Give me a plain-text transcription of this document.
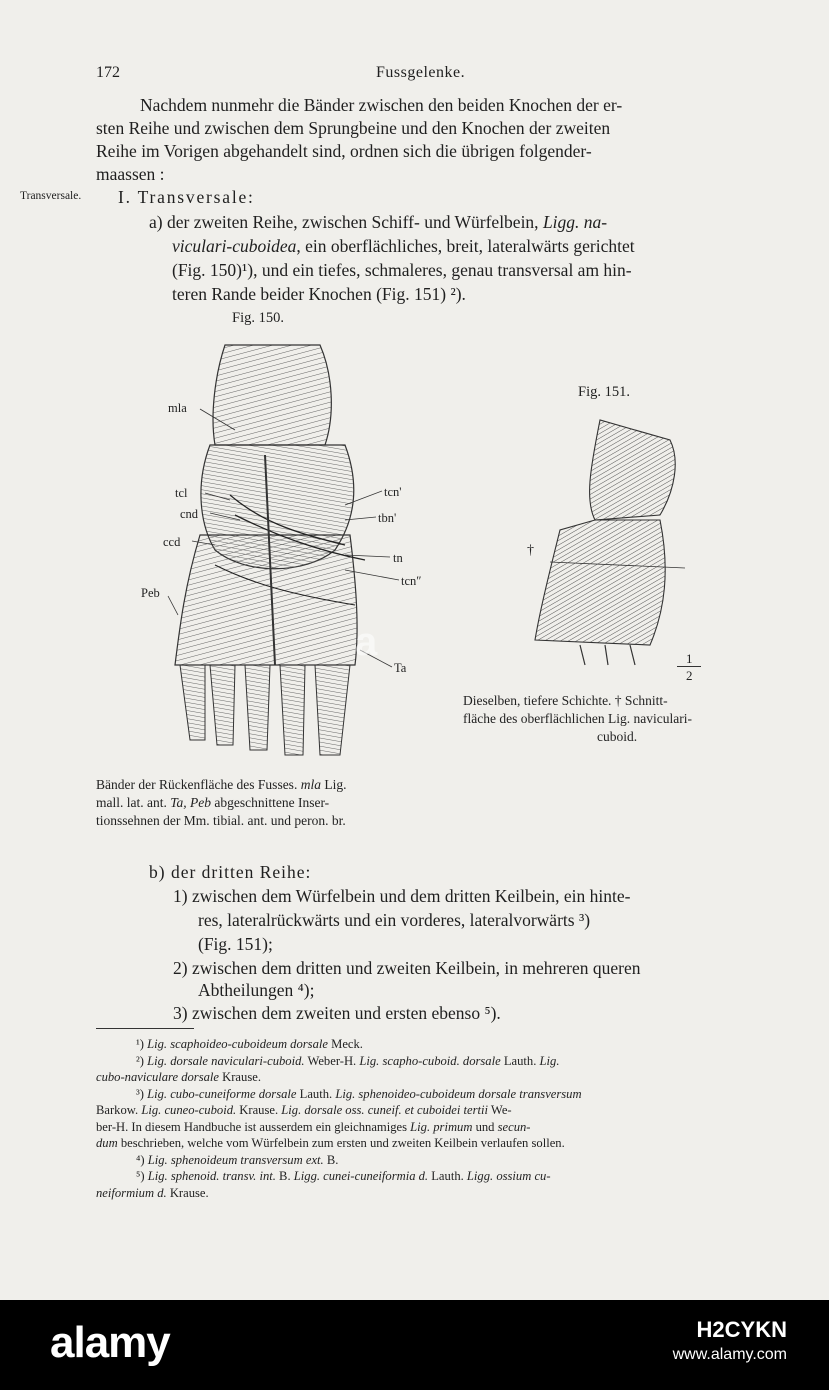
172	Fussgelenke.
Nachdem nunmehr die Bänder zwischen den beiden Knochen der er-
sten Reihe und zwischen dem Sprungbeine und den Knochen der zweiten
Reihe im Vorigen abgehandelt sind, ordnen sich die übrigen folgender-
maassen :
Transversale. I. Transversale:
a) der zweiten Reihe, zwischen Schiff- und Würfelbein, Ligg. na-
viculari-cuboidea, ein oberflächliches, breit, lateralwärts gerichtet
(Fig. 150)¹), und ein tiefes, schmaleres, genau transversal am hin-
teren Rande beider Knochen (Fig. 151) ²).
Fig. 150.
mla
tcl
cnd
ccd
Peb
tcn'
tbn'
tn
tcn″
Ta
Bänder der Rückenfläche des Fusses. mla Lig.
mall. lat. ant. Ta, Peb abgeschnittene Inser-
tionssehnen der Mm. tibial. ant. und peron. br.
Fig. 151.
†
1
2
Dieselben, tiefere Schichte. † Schnitt-
fläche des oberflächlichen Lig. naviculari-
cuboid.
b) der dritten Reihe:
1) zwischen dem Würfelbein und dem dritten Keilbein, ein hinte-
res, lateralrückwärts und ein vorderes, lateralvorwärts ³)
(Fig. 151);
2) zwischen dem dritten und zweiten Keilbein, in mehreren queren
Abtheilungen ⁴);
3) zwischen dem zweiten und ersten ebenso ⁵).
¹) Lig. scaphoideo-cuboideum dorsale Meck.
²) Lig. dorsale naviculari-cuboid. Weber-H. Lig. scapho-cuboid. dorsale Lauth. Lig.
cubo-naviculare dorsale Krause.
³) Lig. cubo-cuneiforme dorsale Lauth. Lig. sphenoideo-cuboideum dorsale transversum
Barkow. Lig. cuneo-cuboid. Krause. Lig. dorsale oss. cuneif. et cuboidei tertii We-
ber-H. In diesem Handbuche ist ausserdem ein gleichnamiges Lig. primum und secun-
dum beschrieben, welche vom Würfelbein zum ersten und zweiten Keilbein verlaufen sollen.
⁴) Lig. sphenoideum transversum ext. B.
⁵) Lig. sphenoid. transv. int. B. Ligg. cunei-cuneiformia d. Lauth. Ligg. ossium cu-
neiformium d. Krause.
a
alamy	H2CYKN
www.alamy.com
